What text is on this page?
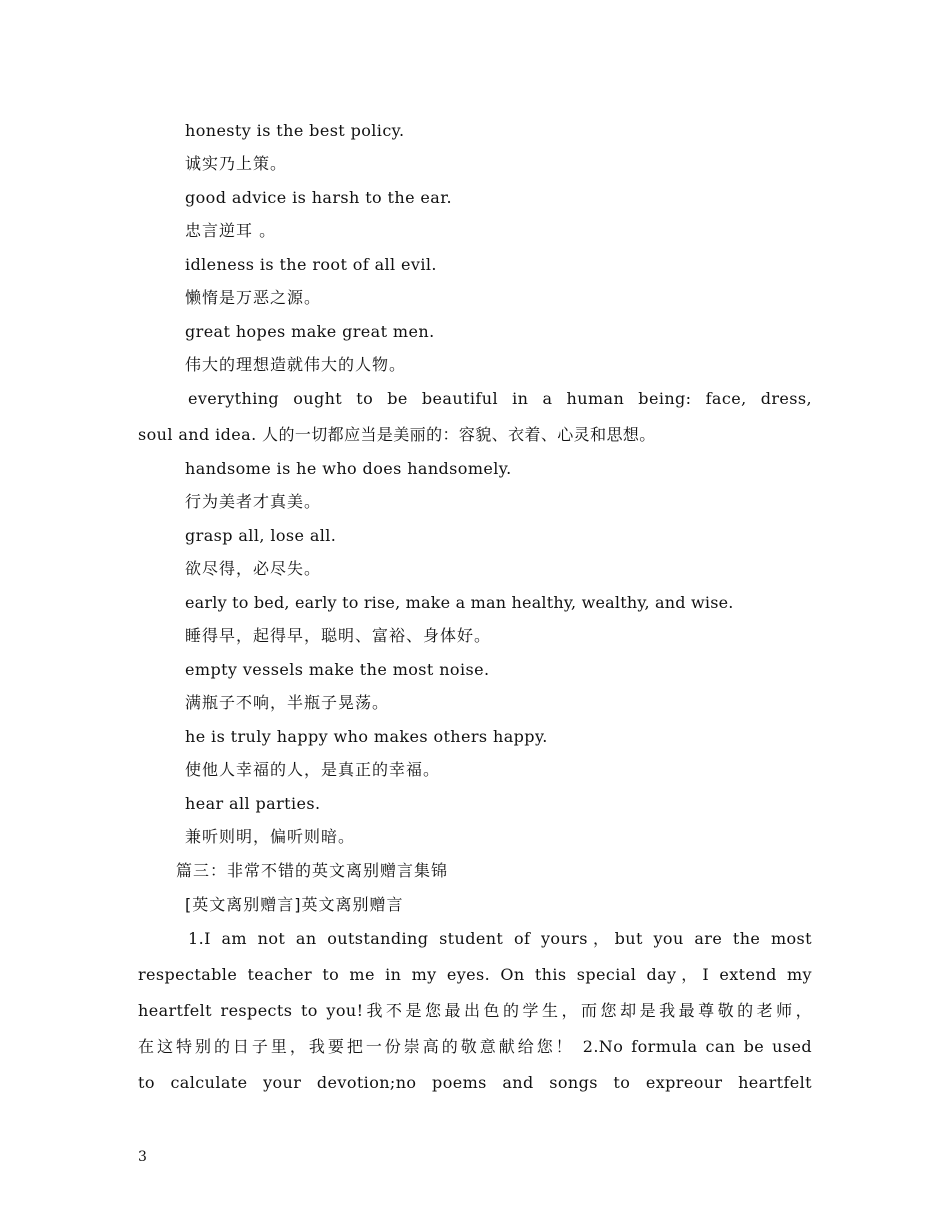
honesty is the best policy.
诚实乃上策。
good advice is harsh to the ear.
忠言逆耳 。
idleness is the root of all evil.
懒惰是万恶之源。
great hopes make great men.
伟大的理想造就伟大的人物。
everything ought to be beautiful in a human being: face, dress,
soul and idea. 人的一切都应当是美丽的：容貌、衣着、心灵和思想。
handsome is he who does handsomely.
行为美者才真美。
grasp all, lose all.
欲尽得，必尽失。
early to bed, early to rise, make a man healthy, wealthy, and wise.
睡得早，起得早，聪明、富裕、身体好。
empty vessels make the most noise.
满瓶子不响，半瓶子晃荡。
he is truly happy who makes others happy.
使他人幸福的人，是真正的幸福。
hear all parties.
兼听则明，偏听则暗。
篇三：非常不错的英文离别赠言集锦
[英文离别赠言]英文离别赠言
1.I am not an outstanding student of yours，but you are the most
respectable teacher to me in my eyes. On this special day，I extend my
heartfelt respects to you!我不是您最出色的学生，而您却是我最尊敬的老师，
在这特别的日子里，我要把一份崇高的敬意献给您！ 2.No formula can be used
to calculate your devotion;no poems and songs to expreour heartfelt
3
